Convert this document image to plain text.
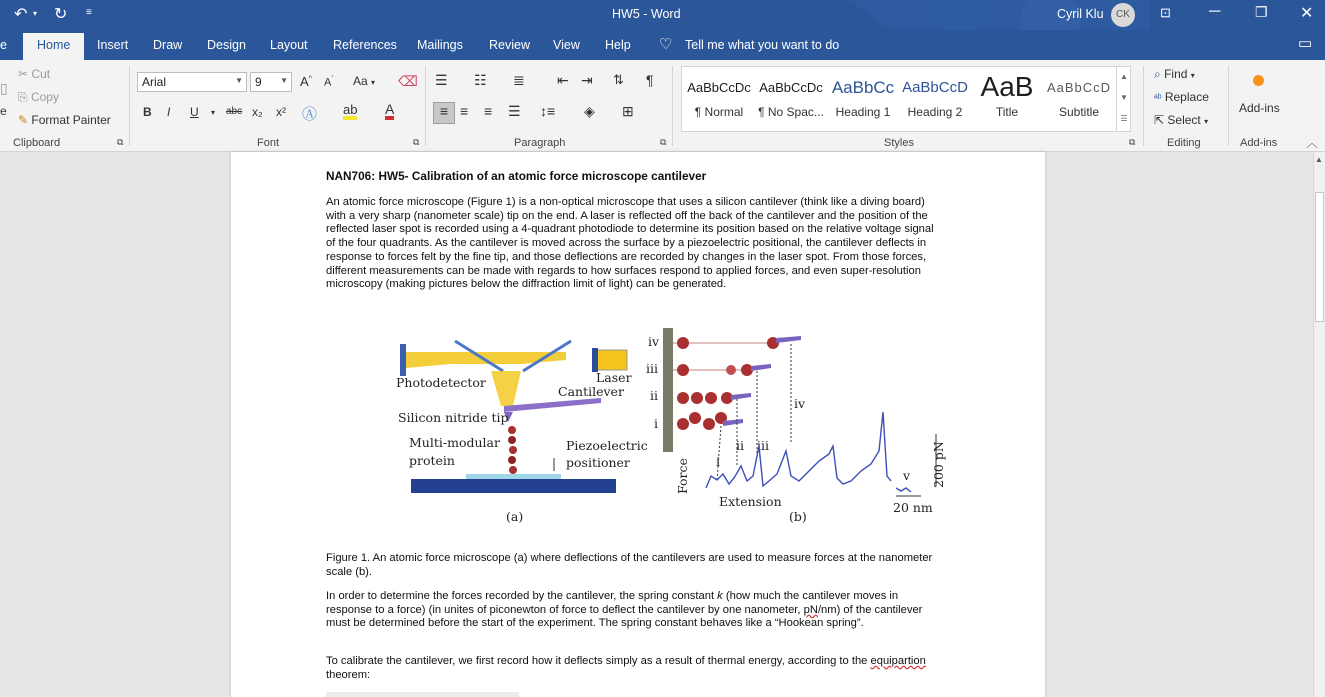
↶ ▾ ↻ ≡	HW5 - Word	Cyril Klu	CK	⊡ ─ ❐ ✕
e	Home	Insert Draw Design Layout References Mailings Review View Help ♡ Tell me what you want to do	▭
e
▯
✂ Cut
⎘ Copy
✎ Format Painter
Clipboard	⧉
Arial	▼	9 ▼ A^ $A^ˇ$ Aa ▾ ⌫
B I U ▾ abc x₂ x² Ⓐ ab A
Font	⧉
☰ ☷ ≣ ⇤ ⇥ ⇅ ¶
≡ ≡ ≡ ☰ ↕≡ ◈ ⊞
Paragraph	⧉
AaBbCcDc
¶ Normal
AaBbCcDc
¶ No Spac...
AaBbCc
Heading 1
AaBbCcD
Heading 2
AaB
Title
AaBbCcD
Subtitle
▲
▼
☰
Styles	⧉
⌕ Find ▾
ᵃᵇ Replace
⇱ Select ▾
Editing
Add-ins
Add-ins ︿
NAN706: HW5- Calibration of an atomic force microscope cantilever
An atomic force microscope (Figure 1) is a non-optical microscope that uses a silicon cantilever (think like a diving board) with a very sharp (nanometer scale) tip on the end. A laser is reflected off the back of the cantilever and the position of the reflected laser spot is recorded using a 4-quadrant photodiode to determine its position based on the relative voltage signal of the four quadrants. As the cantilever is moved across the surface by a piezoelectric positional, the cantilever deflects in response to forces felt by the fine tip, and those deflections are recorded by changes in the laser spot. From those forces, different measurements can be made with regards to how surfaces respond to applied forces, and even super-resolution microscopy (making pictures below the diffraction limit of light) can be generated.
Photodetector	Laser
Cantilever
Silicon nitride tip
Multi-modular
protein
Piezoelectric
positioner
(a)
iv
iii
ii
i
iv
ii iii
i
v
Force
Extension
200 pN
20 nm
(b)
Figure 1. An atomic force microscope (a) where deflections of the cantilevers are used to measure forces at the nanometer scale (b).
In order to determine the forces recorded by the cantilever, the spring constant k (how much the cantilever moves in response to a force) (in unites of piconewton of force to deflect the cantilever by one nanometer, pN/nm) of the cantilever must be determined before the start of the experiment. The spring constant behaves like a “Hookean spring”.
To calibrate the cantilever, we first record how it deflects simply as a result of thermal energy, according to the equipartion theorem:
▲
